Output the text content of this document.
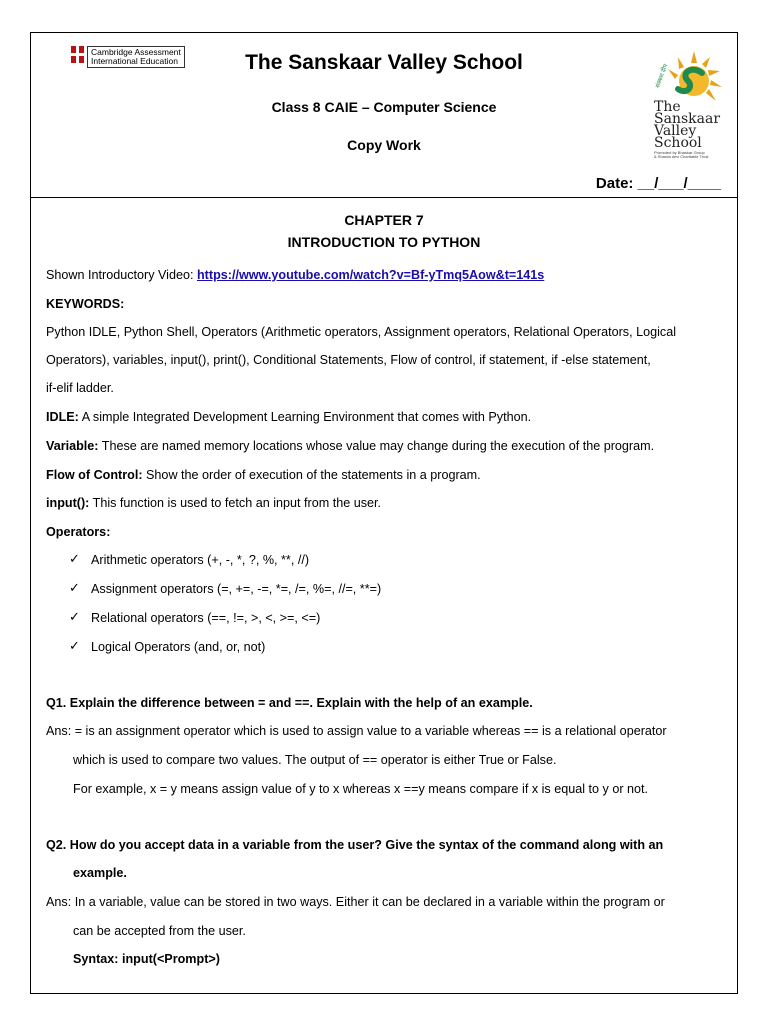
Cambridge Assessment
International Education	The Sanskaar Valley School
Class 8 CAIE – Computer Science
Copy Work
Date: __/___/____
संस्कार दीप
The
Sanskaar
Valley
School
Promoted by Bhaskar Group
& Sharda devi Charitable Trust
CHAPTER 7
INTRODUCTION TO PYTHON
Shown Introductory Video: https://www.youtube.com/watch?v=Bf-yTmq5Aow&t=141s
KEYWORDS:
Python IDLE, Python Shell, Operators (Arithmetic operators, Assignment operators, Relational Operators, Logical
Operators), variables, input(), print(), Conditional Statements, Flow of control, if statement, if -else statement,
if-elif ladder.
IDLE: A simple Integrated Development Learning Environment that comes with Python.
Variable: These are named memory locations whose value may change during the execution of the program.
Flow of Control: Show the order of execution of the statements in a program.
input(): This function is used to fetch an input from the user.
Operators:
✓ Arithmetic operators (+, -, *, ?, %, **, //)
✓ Assignment operators (=, +=, -=, *=, /=, %=, //=, **=)
✓ Relational operators (==, !=, >, <, >=, <=)
✓ Logical Operators (and, or, not)
Q1. Explain the difference between = and ==. Explain with the help of an example.
Ans: = is an assignment operator which is used to assign value to a variable whereas == is a relational operator
which is used to compare two values. The output of == operator is either True or False.
For example, x = y means assign value of y to x whereas x ==y means compare if x is equal to y or not.
Q2. How do you accept data in a variable from the user? Give the syntax of the command along with an
example.
Ans: In a variable, value can be stored in two ways. Either it can be declared in a variable within the program or
can be accepted from the user.
Syntax: input(<Prompt>)
